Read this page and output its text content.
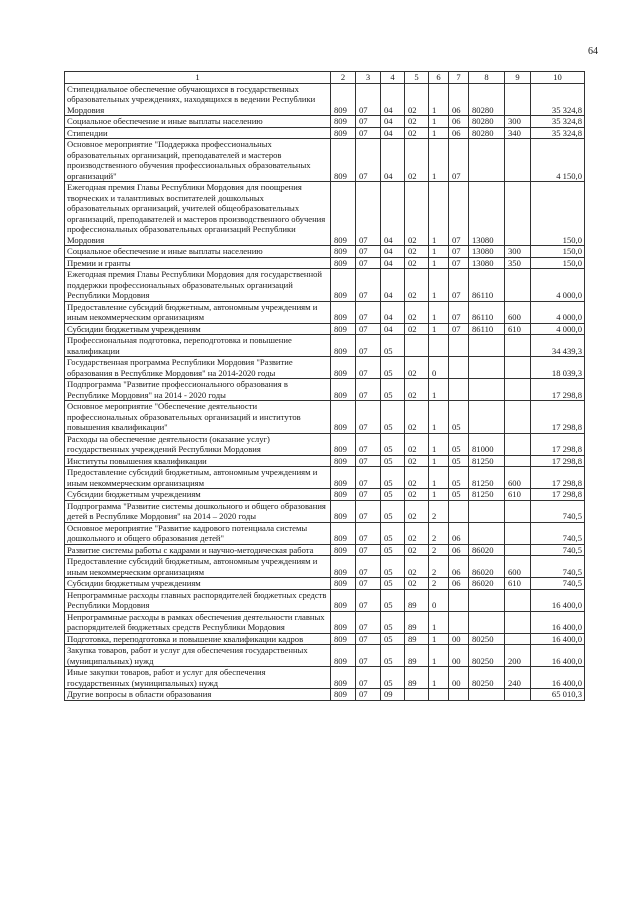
64
1	2	3	4	5	6	7	8	9	10
Стипендиальное обеспечение обучающихся в государственных образовательных учреждениях, находящихся в ведении Республики Мордовия	809	07	04	02	1	06	80280		35 324,8
Социальное обеспечение и иные выплаты населению	809	07	04	02	1	06	80280	300	35 324,8
Стипендии	809	07	04	02	1	06	80280	340	35 324,8
Основное мероприятие "Поддержка профессиональных образовательных организаций, преподавателей и мастеров производственного обучения профессиональных образовательных организаций"	809	07	04	02	1	07			4 150,0
Ежегодная премия Главы Республики Мордовия для поощрения творческих и талантливых воспитателей дошкольных образовательных организаций, учителей общеобразовательных организаций, преподавателей и мастеров производственного обучения профессиональных образовательных организаций Республики Мордовия	809	07	04	02	1	07	13080		150,0
Социальное обеспечение и иные выплаты населению	809	07	04	02	1	07	13080	300	150,0
Премии и гранты	809	07	04	02	1	07	13080	350	150,0
Ежегодная премия Главы Республики Мордовия для государственной поддержки профессиональных образовательных организаций Республики Мордовия	809	07	04	02	1	07	86110		4 000,0
Предоставление субсидий бюджетным, автономным учреждениям и иным некоммерческим организациям	809	07	04	02	1	07	86110	600	4 000,0
Субсидии бюджетным учреждениям	809	07	04	02	1	07	86110	610	4 000,0
Профессиональная подготовка, переподготовка и повышение квалификации	809	07	05						34 439,3
Государственная программа Республики Мордовия "Развитие образования в Республике Мордовия" на 2014-2020 годы	809	07	05	02	0				18 039,3
Подпрограмма "Развитие профессионального образования в Республике Мордовия" на 2014 - 2020 годы	809	07	05	02	1				17 298,8
Основное мероприятие "Обеспечение деятельности профессиональных образовательных организаций и институтов повышения квалификации"	809	07	05	02	1	05			17 298,8
Расходы на обеспечение деятельности (оказание услуг) государственных учреждений Республики Мордовия	809	07	05	02	1	05	81000		17 298,8
Институты повышения квалификации	809	07	05	02	1	05	81250		17 298,8
Предоставление субсидий бюджетным, автономным учреждениям и иным некоммерческим организациям	809	07	05	02	1	05	81250	600	17 298,8
Субсидии бюджетным учреждениям	809	07	05	02	1	05	81250	610	17 298,8
Подпрограмма "Развитие системы дошкольного и общего образования детей в Республике Мордовия" на 2014 – 2020 годы	809	07	05	02	2				740,5
Основное мероприятие "Развитие кадрового потенциала системы дошкольного и общего образования детей"	809	07	05	02	2	06			740,5
Развитие системы работы с кадрами и научно-методическая работа	809	07	05	02	2	06	86020		740,5
Предоставление субсидий бюджетным, автономным учреждениям и иным некоммерческим организациям	809	07	05	02	2	06	86020	600	740,5
Субсидии бюджетным учреждениям	809	07	05	02	2	06	86020	610	740,5
Непрограммные расходы главных распорядителей бюджетных средств Республики Мордовия	809	07	05	89	0				16 400,0
Непрограммные расходы в рамках обеспечения деятельности главных распорядителей бюджетных средств Республики Мордовия	809	07	05	89	1				16 400,0
Подготовка, переподготовка и повышение квалификации кадров	809	07	05	89	1	00	80250		16 400,0
Закупка товаров, работ и услуг для обеспечения государственных (муниципальных) нужд	809	07	05	89	1	00	80250	200	16 400,0
Иные закупки товаров, работ и услуг для обеспечения государственных (муниципальных) нужд	809	07	05	89	1	00	80250	240	16 400,0
Другие вопросы в области образования	809	07	09						65 010,3
